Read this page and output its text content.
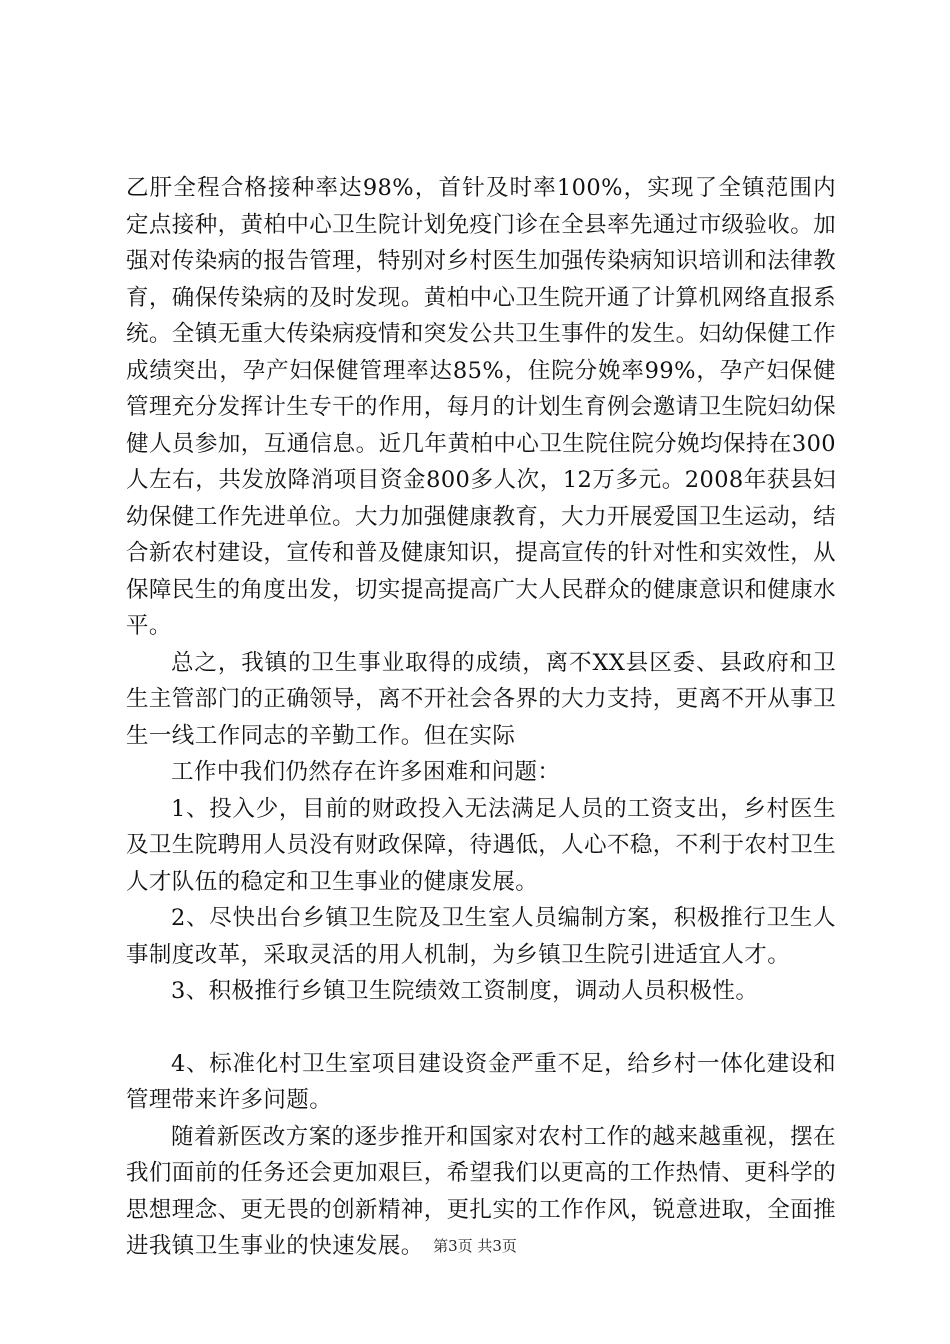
乙肝全程合格接种率达98%，首针及时率100%，实现了全镇范围内定点接种，黄柏中心卫生院计划免疫门诊在全县率先通过市级验收。加强对传染病的报告管理，特别对乡村医生加强传染病知识培训和法律教育，确保传染病的及时发现。黄柏中心卫生院开通了计算机网络直报系统。全镇无重大传染病疫情和突发公共卫生事件的发生。妇幼保健工作成绩突出，孕产妇保健管理率达85%，住院分娩率99%，孕产妇保健管理充分发挥计生专干的作用，每月的计划生育例会邀请卫生院妇幼保健人员参加，互通信息。近几年黄柏中心卫生院住院分娩均保持在300人左右，共发放降消项目资金800多人次，12万多元。2008年获县妇幼保健工作先进单位。大力加强健康教育，大力开展爱国卫生运动，结合新农村建设，宣传和普及健康知识，提高宣传的针对性和实效性，从保障民生的角度出发，切实提高提高广大人民群众的健康意识和健康水平。

总之，我镇的卫生事业取得的成绩，离不XX县区委、县政府和卫生主管部门的正确领导，离不开社会各界的大力支持，更离不开从事卫生一线工作同志的辛勤工作。但在实际

工作中我们仍然存在许多困难和问题：

1、投入少，目前的财政投入无法满足人员的工资支出，乡村医生及卫生院聘用人员没有财政保障，待遇低，人心不稳，不利于农村卫生人才队伍的稳定和卫生事业的健康发展。

2、尽快出台乡镇卫生院及卫生室人员编制方案，积极推行卫生人事制度改革，采取灵活的用人机制，为乡镇卫生院引进适宜人才。

3、积极推行乡镇卫生院绩效工资制度，调动人员积极性。

4、标准化村卫生室项目建设资金严重不足，给乡村一体化建设和管理带来许多问题。

随着新医改方案的逐步推开和国家对农村工作的越来越重视，摆在我们面前的任务还会更加艰巨，希望我们以更高的工作热情、更科学的思想理念、更无畏的创新精神，更扎实的工作作风，锐意进取，全面推进我镇卫生事业的快速发展。 第3页 共3页
